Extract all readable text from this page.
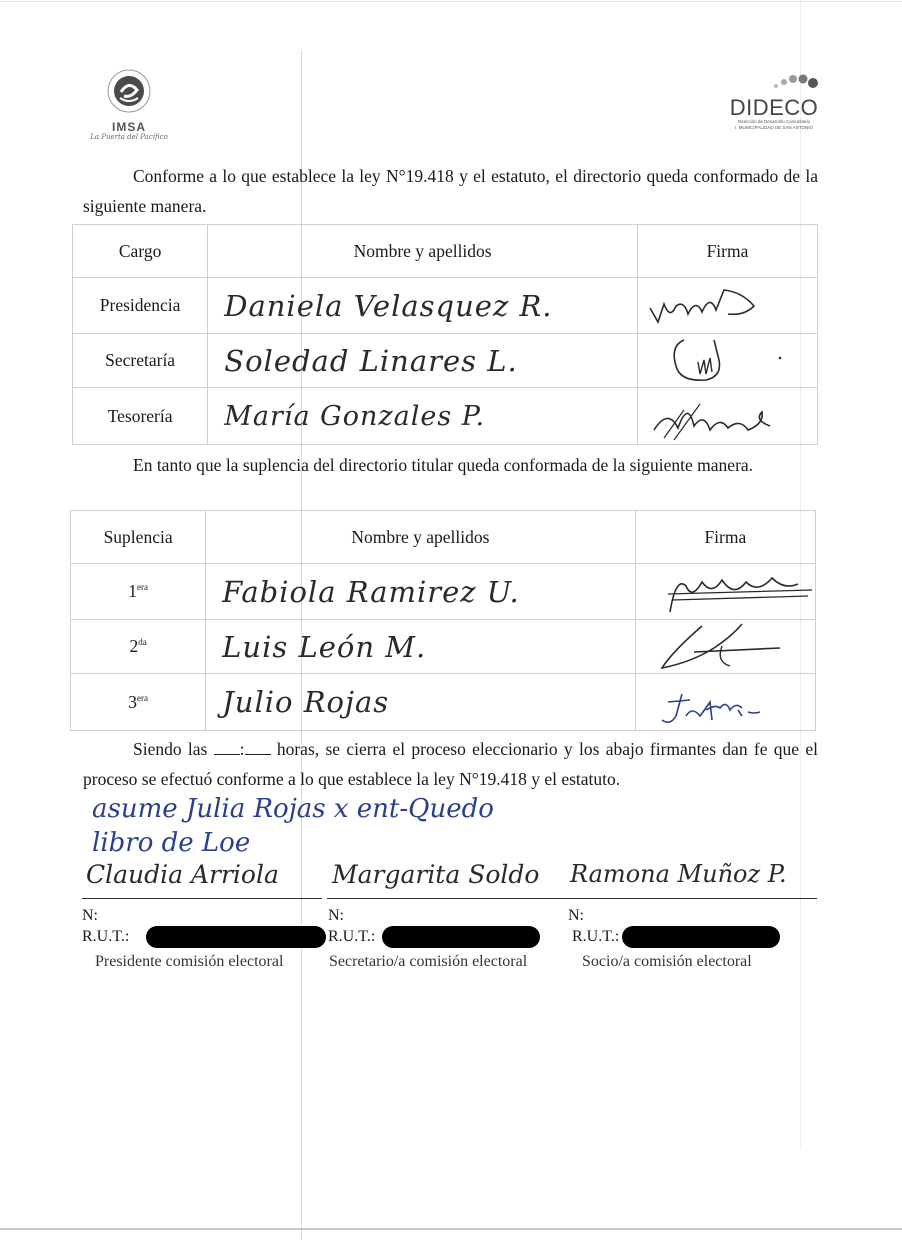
IMSA
La Puerta del Pacífico
DIDECO
Dirección de Desarrollo Comunitario
I. MUNICIPALIDAD DE SAN ANTONIO
Conforme a lo que establece la ley N°19.418 y el estatuto, el directorio queda conformado de la siguiente manera.
Cargo	Nombre y apellidos	Firma
Presidencia	Daniela Velasquez R.	

Secretaría	Soledad Linares L.	

Tesorería	María Gonzales P.	
En tanto que la suplencia del directorio titular queda conformada de la siguiente manera.
Suplencia	Nombre y apellidos	Firma
$1^{era}$	Fabiola Ramirez U.	

$2^{da}$	Luis León M.	

$3^{era}$	Julio Rojas	
Siendo las : horas, se cierra el proceso eleccionario y los abajo firmantes dan fe que el proceso se efectuó conforme a lo que establece la ley N°19.418 y el estatuto.
asume Julia Rojas x ent-Quedo
libro de Loe
Claudia Arriola Margarita Soldo Ramona Muñoz P.
N:	N:	N:
R.U.T.:	R.U.T.:	R.U.T.:
Presidente comisión electoral	Secretario/a comisión electoral	Socio/a comisión electoral
